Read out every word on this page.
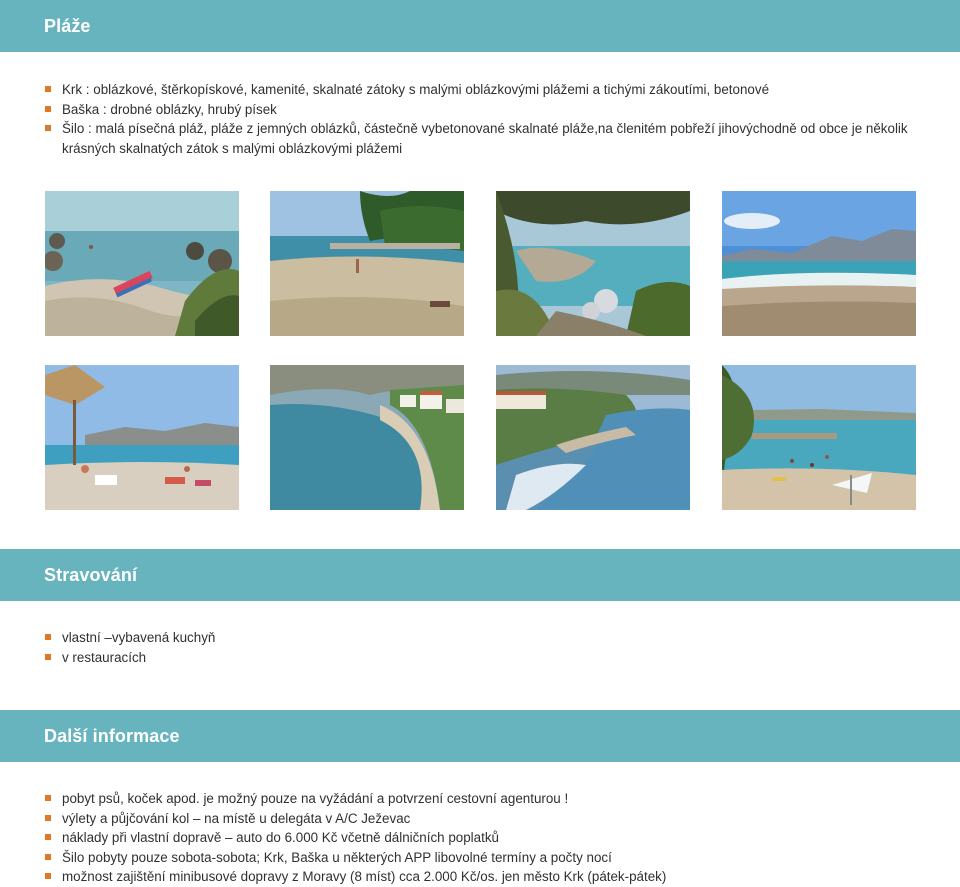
Pláže
Krk : oblázkové, štěrkopískové, kamenité, skalnaté zátoky s malými oblázkovými plážemi a tichými zákoutími, betonové
Baška : drobné oblázky, hrubý písek
Šilo : malá písečná pláž, pláže z jemných oblázků, částečně vybetonované skalnaté pláže,na členitém pobřeží jihovýchodně od obce je několik krásných skalnatých zátok s malými oblázkovými plážemi
Stravování
vlastní –vybavená kuchyň
v restauracích
Další informace
pobyt psů, koček apod. je možný pouze na vyžádání a potvrzení cestovní agenturou !
výlety a půjčování kol – na místě u delegáta v A/C Ježevac
náklady při vlastní dopravě – auto do 6.000 Kč včetně dálničních poplatků
Šilo pobyty pouze sobota-sobota; Krk, Baška u některých APP libovolné termíny a počty nocí
možnost zajištění minibusové dopravy z Moravy (8 míst) cca 2.000 Kč/os. jen město Krk (pátek-pátek)
